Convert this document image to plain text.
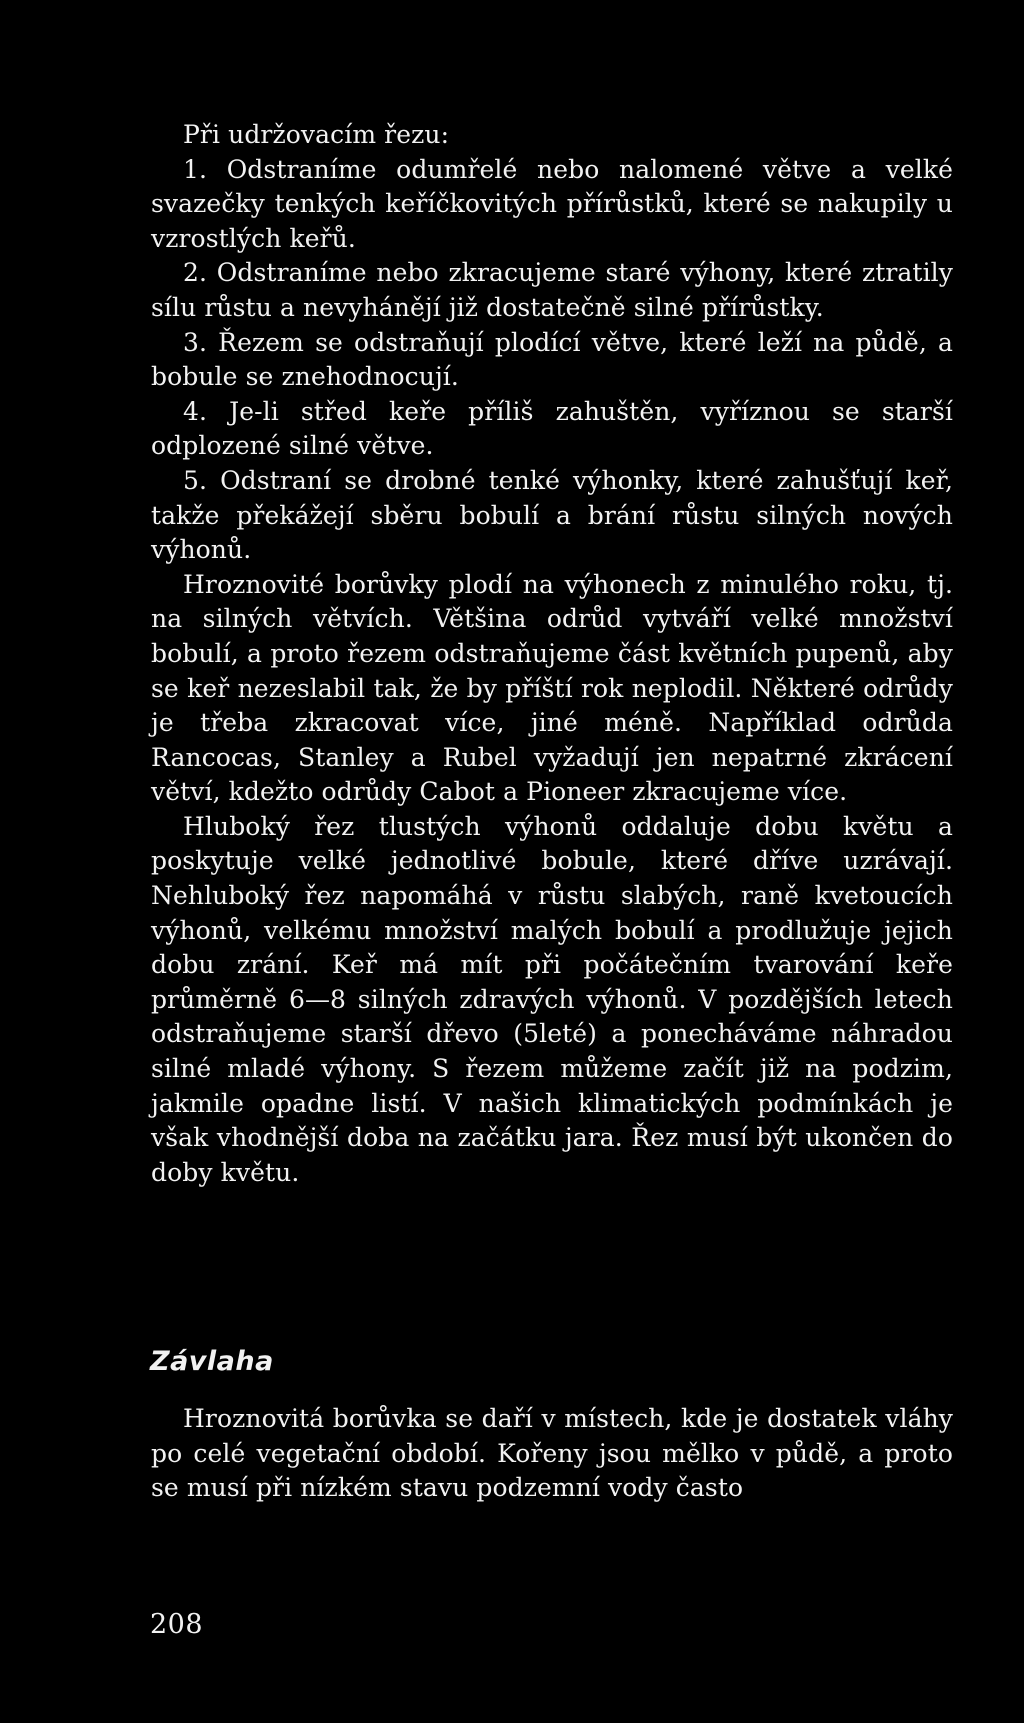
Při udržovacím řezu:

1. Odstraníme odumřelé nebo nalomené větve a velké svazečky tenkých keříčkovitých přírůstků, které se nakupily u vzrostlých keřů.

2. Odstraníme nebo zkracujeme staré výhony, které ztratily sílu růstu a nevyhánějí již dostatečně silné přírůstky.

3. Řezem se odstraňují plodící větve, které leží na půdě, a bobule se znehodnocují.

4. Je-li střed keře příliš zahuštěn, vyříznou se starší odplozené silné větve.

5. Odstraní se drobné tenké výhonky, které zahušťují keř, takže překážejí sběru bobulí a brání růstu silných nových výhonů.

Hroznovité borůvky plodí na výhonech z minulého roku, tj. na silných větvích. Většina odrůd vytváří velké množství bobulí, a proto řezem odstraňujeme část květních pupenů, aby se keř nezeslabil tak, že by příští rok neplodil. Některé odrůdy je třeba zkracovat více, jiné méně. Například odrůda Rancocas, Stanley a Rubel vyžadují jen nepatrné zkrácení větví, kdežto odrůdy Cabot a Pioneer zkracujeme více.

Hluboký řez tlustých výhonů oddaluje dobu květu a poskytuje velké jednotlivé bobule, které dříve uzrávají. Nehluboký řez napomáhá v růstu slabých, raně kvetoucích výhonů, velkému množství malých bobulí a prodlužuje jejich dobu zrání. Keř má mít při počátečním tvarování keře průměrně 6—8 silných zdravých výhonů. V pozdějších letech odstraňujeme starší dřevo (5leté) a ponecháváme náhradou silné mladé výhony. S řezem můžeme začít již na podzim, jakmile opadne listí. V našich klimatických podmínkách je však vhodnější doba na začátku jara. Řez musí být ukončen do doby květu.

Závlaha

Hroznovitá borůvka se daří v místech, kde je dostatek vláhy po celé vegetační období. Kořeny jsou mělko v půdě, a proto se musí při nízkém stavu podzemní vody často

208
